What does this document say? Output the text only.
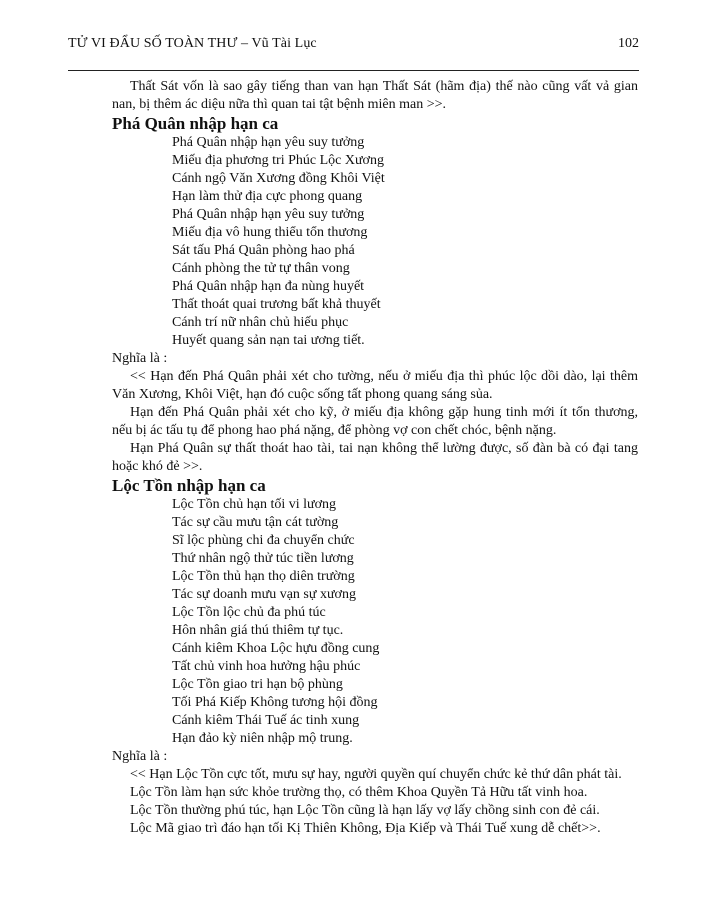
TỬ VI ĐẨU SỐ TOÀN THƯ – Vũ Tài Lục	102

Thất Sát vốn là sao gây tiếng than van hạn Thất Sát (hãm địa) thế nào cũng vất vả gian nan, bị thêm ác diệu nữa thì quan tai tật bệnh miên man >>.

Phá Quân nhập hạn ca

Phá Quân nhập hạn yêu suy tưởng
Miếu địa phương tri Phúc Lộc Xương
Cánh ngộ Văn Xương đồng Khôi Việt
Hạn làm thử địa cực phong quang
Phá Quân nhập hạn yêu suy tưởng
Miếu địa vô hung thiểu tổn thương
Sát tấu Phá Quân phòng hao phá
Cánh phòng the tử tự thân vong
Phá Quân nhập hạn đa nùng huyết
Thất thoát quai trương bất khả thuyết
Cánh trí nữ nhân chủ hiếu phục
Huyết quang sản nạn tai ương tiết.

Nghĩa là :

<< Hạn đến Phá Quân phải xét cho tường, nếu ở miếu địa thì phúc lộc dồi dào, lại thêm Văn Xương, Khôi Việt, hạn đó cuộc sống tất phong quang sáng sủa.

Hạn đến Phá Quân phải xét cho kỹ, ở miếu địa không gặp hung tinh mới ít tổn thương, nếu bị ác tấu tụ để phong hao phá nặng, để phòng vợ con chết chóc, bệnh nặng.

Hạn Phá Quân sự thất thoát hao tài, tai nạn không thể lường được, số đàn bà có đại tang hoặc khó đẻ >>.

Lộc Tồn nhập hạn ca

Lộc Tồn chủ hạn tối vi lương
Tác sự cầu mưu tận cát tường
Sĩ lộc phùng chi đa chuyển chức
Thứ nhân ngộ thử túc tiền lương
Lộc Tồn thủ hạn thọ diên trường
Tác sự doanh mưu vạn sự xương
Lộc Tồn lộc chủ đa phú túc
Hôn nhân giá thú thiêm tự tục.
Cánh kiêm Khoa Lộc hựu đồng cung
Tất chủ vinh hoa hưởng hậu phúc
Lộc Tồn giao tri hạn bộ phùng
Tối Phá Kiếp Không tương hội đồng
Cánh kiêm Thái Tuế ác tinh xung
Hạn đảo kỳ niên nhập mộ trung.

Nghĩa là :

<< Hạn Lộc Tồn cực tốt, mưu sự hay, người quyền quí chuyển chức kẻ thứ dân phát tài.

Lộc Tồn làm hạn sức khỏe trường thọ, có thêm Khoa Quyền Tả Hữu tất vinh hoa.

Lộc Tồn thường phú túc, hạn Lộc Tồn cũng là hạn lấy vợ lấy chồng sinh con đẻ cái.

Lộc Mã giao trì đáo hạn tối Kị Thiên Không, Địa Kiếp và Thái Tuế xung dễ chết>>.
